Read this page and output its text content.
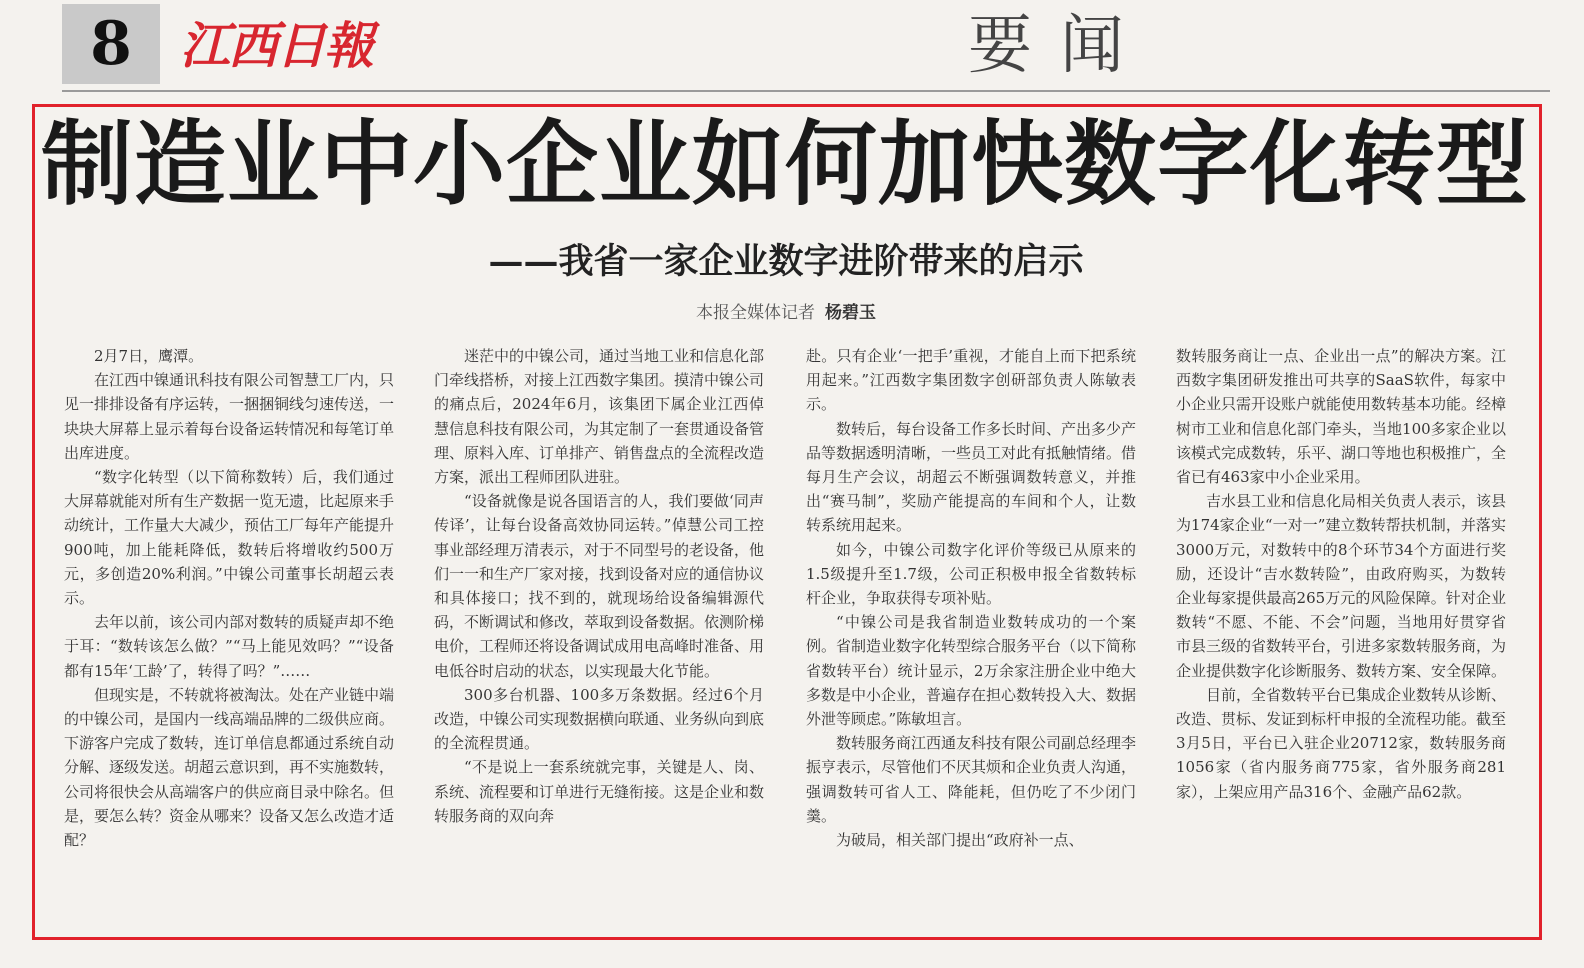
8 江西日報	要闻
制造业中小企业如何加快数字化转型
——我省一家企业数字进阶带来的启示
本报全媒体记者 杨碧玉

2月7日，鹰潭。

在江西中镍通讯科技有限公司智慧工厂内，只见一排排设备有序运转，一捆捆铜线匀速传送，一块块大屏幕上显示着每台设备运转情况和每笔订单出库进度。

“数字化转型（以下简称数转）后，我们通过大屏幕就能对所有生产数据一览无遗，比起原来手动统计，工作量大大减少，预估工厂每年产能提升900吨，加上能耗降低，数转后将增收约500万元，多创造20%利润。”中镍公司董事长胡超云表示。

去年以前，该公司内部对数转的质疑声却不绝于耳：“数转该怎么做？”“马上能见效吗？”“设备都有15年‘工龄’了，转得了吗？”……

但现实是，不转就将被淘汰。处在产业链中端的中镍公司，是国内一线高端品牌的二级供应商。下游客户完成了数转，连订单信息都通过系统自动分解、逐级发送。胡超云意识到，再不实施数转，公司将很快会从高端客户的供应商目录中除名。但是，要怎么转？资金从哪来？设备又怎么改造才适配？

迷茫中的中镍公司，通过当地工业和信息化部门牵线搭桥，对接上江西数字集团。摸清中镍公司的痛点后，2024年6月，该集团下属企业江西倬慧信息科技有限公司，为其定制了一套贯通设备管理、原料入库、订单排产、销售盘点的全流程改造方案，派出工程师团队进驻。

“设备就像是说各国语言的人，我们要做‘同声传译’，让每台设备高效协同运转。”倬慧公司工控事业部经理万清表示，对于不同型号的老设备，他们一一和生产厂家对接，找到设备对应的通信协议和具体接口；找不到的，就现场给设备编辑源代码，不断调试和修改，萃取到设备数据。依测阶梯电价，工程师还将设备调试成用电高峰时准备、用电低谷时启动的状态，以实现最大化节能。

300多台机器、100多万条数据。经过6个月改造，中镍公司实现数据横向联通、业务纵向到底的全流程贯通。

“不是说上一套系统就完事，关键是人、岗、系统、流程要和订单进行无缝衔接。这是企业和数转服务商的双向奔

赴。只有企业‘一把手’重视，才能自上而下把系统用起来。”江西数字集团数字创研部负责人陈敏表示。

数转后，每台设备工作多长时间、产出多少产品等数据透明清晰，一些员工对此有抵触情绪。借每月生产会议，胡超云不断强调数转意义，并推出“赛马制”，奖励产能提高的车间和个人，让数转系统用起来。

如今，中镍公司数字化评价等级已从原来的1.5级提升至1.7级，公司正积极申报全省数转标杆企业，争取获得专项补贴。

“中镍公司是我省制造业数转成功的一个案例。省制造业数字化转型综合服务平台（以下简称省数转平台）统计显示，2万余家注册企业中绝大多数是中小企业，普遍存在担心数转投入大、数据外泄等顾虑。”陈敏坦言。

数转服务商江西通友科技有限公司副总经理李振亨表示，尽管他们不厌其烦和企业负责人沟通，强调数转可省人工、降能耗，但仍吃了不少闭门羹。

为破局，相关部门提出“政府补一点、

数转服务商让一点、企业出一点”的解决方案。江西数字集团研发推出可共享的SaaS软件，每家中小企业只需开设账户就能使用数转基本功能。经樟树市工业和信息化部门牵头，当地100多家企业以该模式完成数转，乐平、湖口等地也积极推广，全省已有463家中小企业采用。

吉水县工业和信息化局相关负责人表示，该县为174家企业“一对一”建立数转帮扶机制，并落实3000万元，对数转中的8个环节34个方面进行奖励，还设计“吉水数转险”，由政府购买，为数转企业每家提供最高265万元的风险保障。针对企业数转“不愿、不能、不会”问题，当地用好贯穿省市县三级的省数转平台，引进多家数转服务商，为企业提供数字化诊断服务、数转方案、安全保障。

目前，全省数转平台已集成企业数转从诊断、改造、贯标、发证到标杆申报的全流程功能。截至3月5日，平台已入驻企业20712家，数转服务商1056家（省内服务商775家，省外服务商281家），上架应用产品316个、金融产品62款。
